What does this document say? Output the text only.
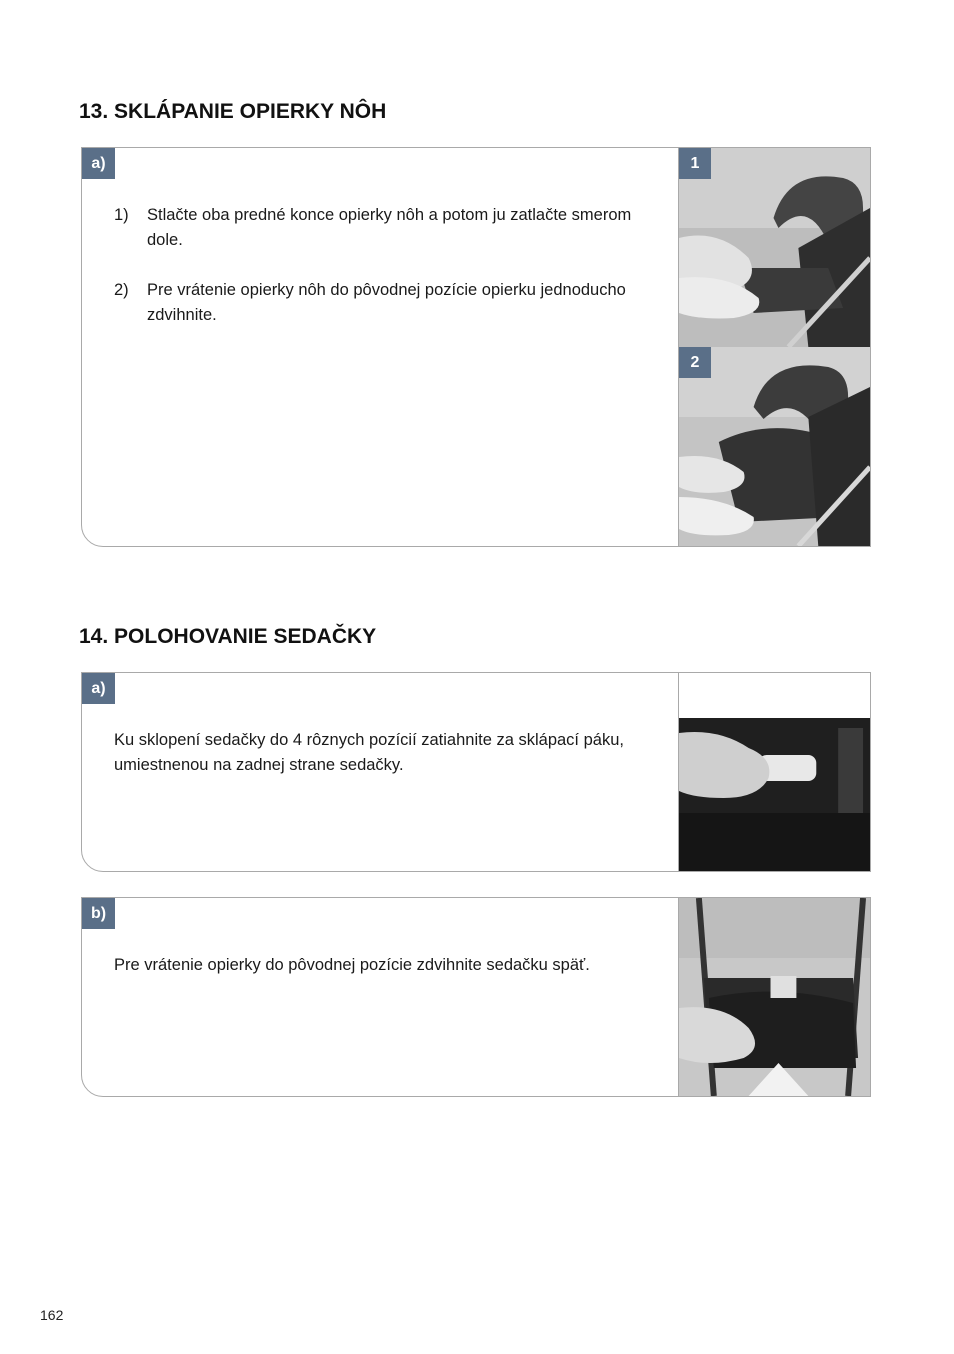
13. SKLÁPANIE OPIERKY NÔH
a)
1) Stlačte oba predné konce opierky nôh a potom ju zatlačte smerom dole.
2) Pre vrátenie opierky nôh do pôvodnej pozície opierku jednoducho zdvihnite.
1
2
14. POLOHOVANIE SEDAČKY
a)

Ku sklopení sedačky do 4 rôznych pozícií zatiahnite za sklápací páku, umiestnenou na zadnej strane sedačky.

b)

Pre vrátenie opierky do pôvodnej pozície zdvihnite sedačku späť.

162
